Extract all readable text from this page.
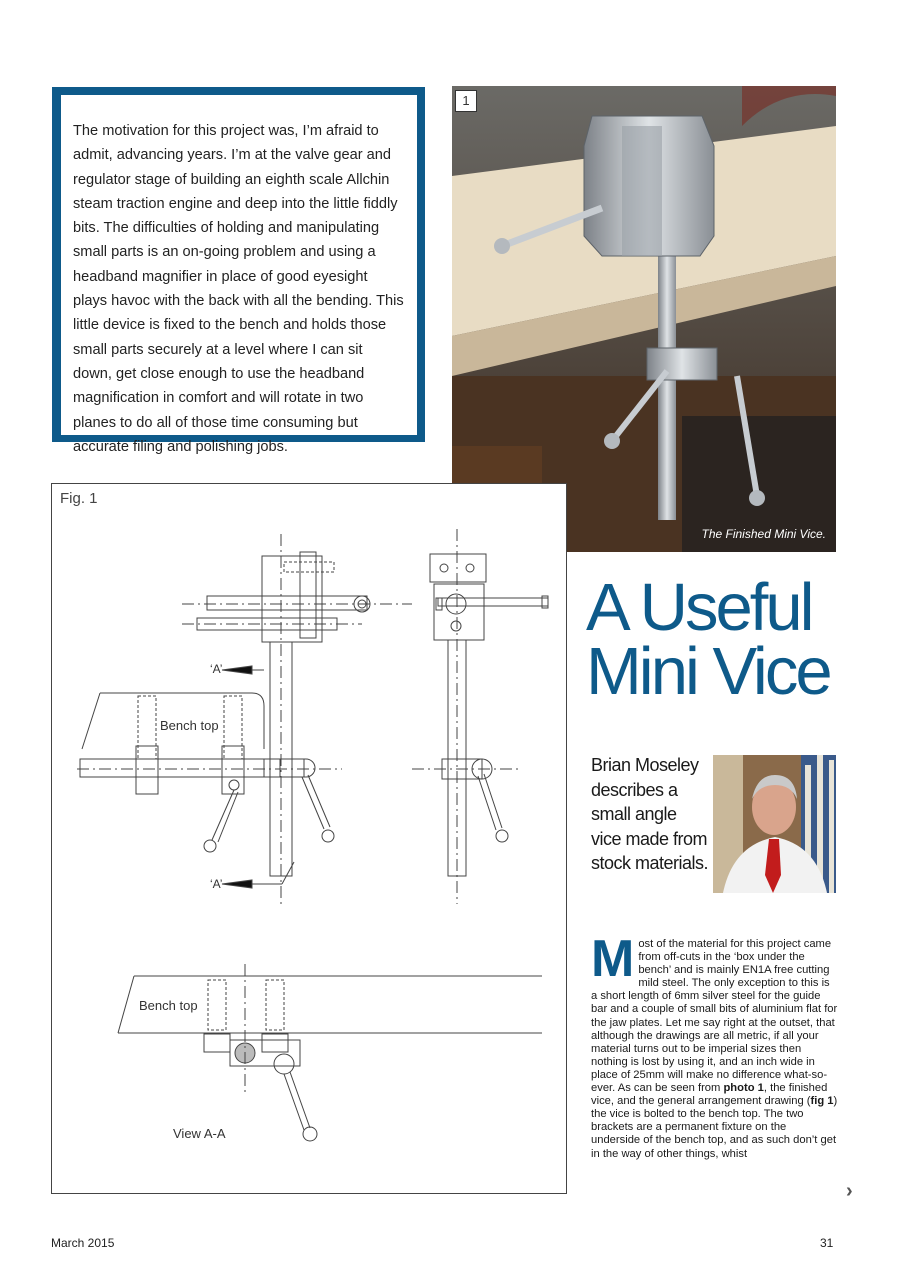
The motivation for this project was, I’m afraid to admit, advancing years. I’m at the valve gear and regulator stage of building an eighth scale Allchin steam traction engine and deep into the little fiddly bits. The difficulties of holding and manipulating small parts is an on-going problem and using a headband magnifier in place of good eyesight plays havoc with the back with all the bending. This little device is fixed to the bench and holds those small parts securely at a level where I can sit down, get close enough to use the headband magnification in comfort and will rotate in two planes to do all of those time consuming but accurate filing and polishing jobs.
1
The Finished Mini Vice.
Fig. 1
‘A’
‘A’
Bench top
Bench top
View A-A
A Useful
Mini Vice
Brian Moseley describes a small angle vice made from stock materials.
Most of the material for this project came from off-cuts in the ‘box under the bench’ and is mainly EN1A free cutting mild steel. The only exception to this is a short length of 6mm silver steel for the guide bar and a couple of small bits of aluminium flat for the jaw plates. Let me say right at the outset, that although the drawings are all metric, if all your material turns out to be imperial sizes then nothing is lost by using it, and an inch wide in place of 25mm will make no difference what-so-ever. As can be seen from photo 1, the finished vice, and the general arrangement drawing (fig 1) the vice is bolted to the bench top. The two brackets are a permanent fixture on the underside of the bench top, and as such don’t get in the way of other things, whist
›
March 2015	31
